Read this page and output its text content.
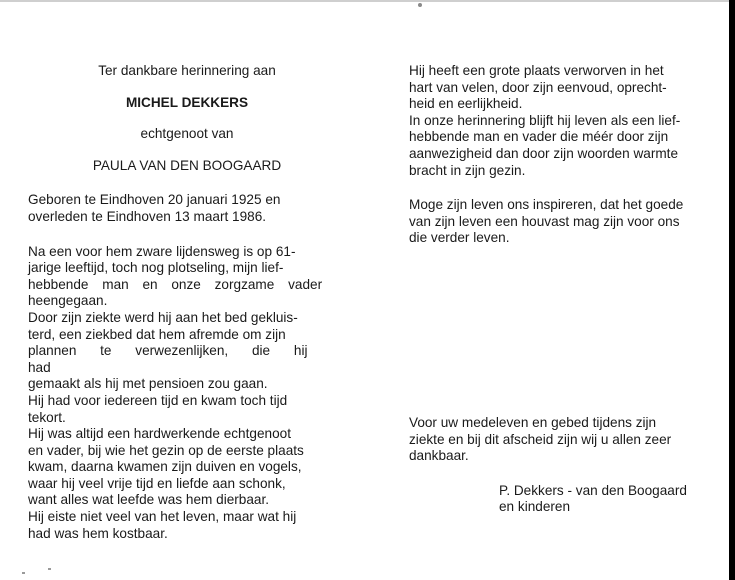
Ter dankbare herinnering aan

MICHEL DEKKERS

echtgenoot van

PAULA VAN DEN BOOGAARD

Geboren te Eindhoven 20 januari 1925 en

overleden te Eindhoven 13 maart 1986.

Na een voor hem zware lijdensweg is op 61-

jarige leeftijd, toch nog plotseling, mijn lief-

hebbende man en onze zorgzame vader

heengegaan.

Door zijn ziekte werd hij aan het bed gekluis-

terd, een ziekbed dat hem afremde om zijn

plannen te verwezenlijken, die hij had

gemaakt als hij met pensioen zou gaan.

Hij had voor iedereen tijd en kwam toch tijd

tekort.

Hij was altijd een hardwerkende echtgenoot

en vader, bij wie het gezin op de eerste plaats

kwam, daarna kwamen zijn duiven en vogels,

waar hij veel vrije tijd en liefde aan schonk,

want alles wat leefde was hem dierbaar.

Hij eiste niet veel van het leven, maar wat hij

had was hem kostbaar.

Hij heeft een grote plaats verworven in het

hart van velen, door zijn eenvoud, oprecht-

heid en eerlijkheid.

In onze herinnering blijft hij leven als een lief-

hebbende man en vader die méér door zijn

aanwezigheid dan door zijn woorden warmte

bracht in zijn gezin.

Moge zijn leven ons inspireren, dat het goede

van zijn leven een houvast mag zijn voor ons

die verder leven.

Voor uw medeleven en gebed tijdens zijn

ziekte en bij dit afscheid zijn wij u allen zeer

dankbaar.

P. Dekkers - van den Boogaard

en kinderen
